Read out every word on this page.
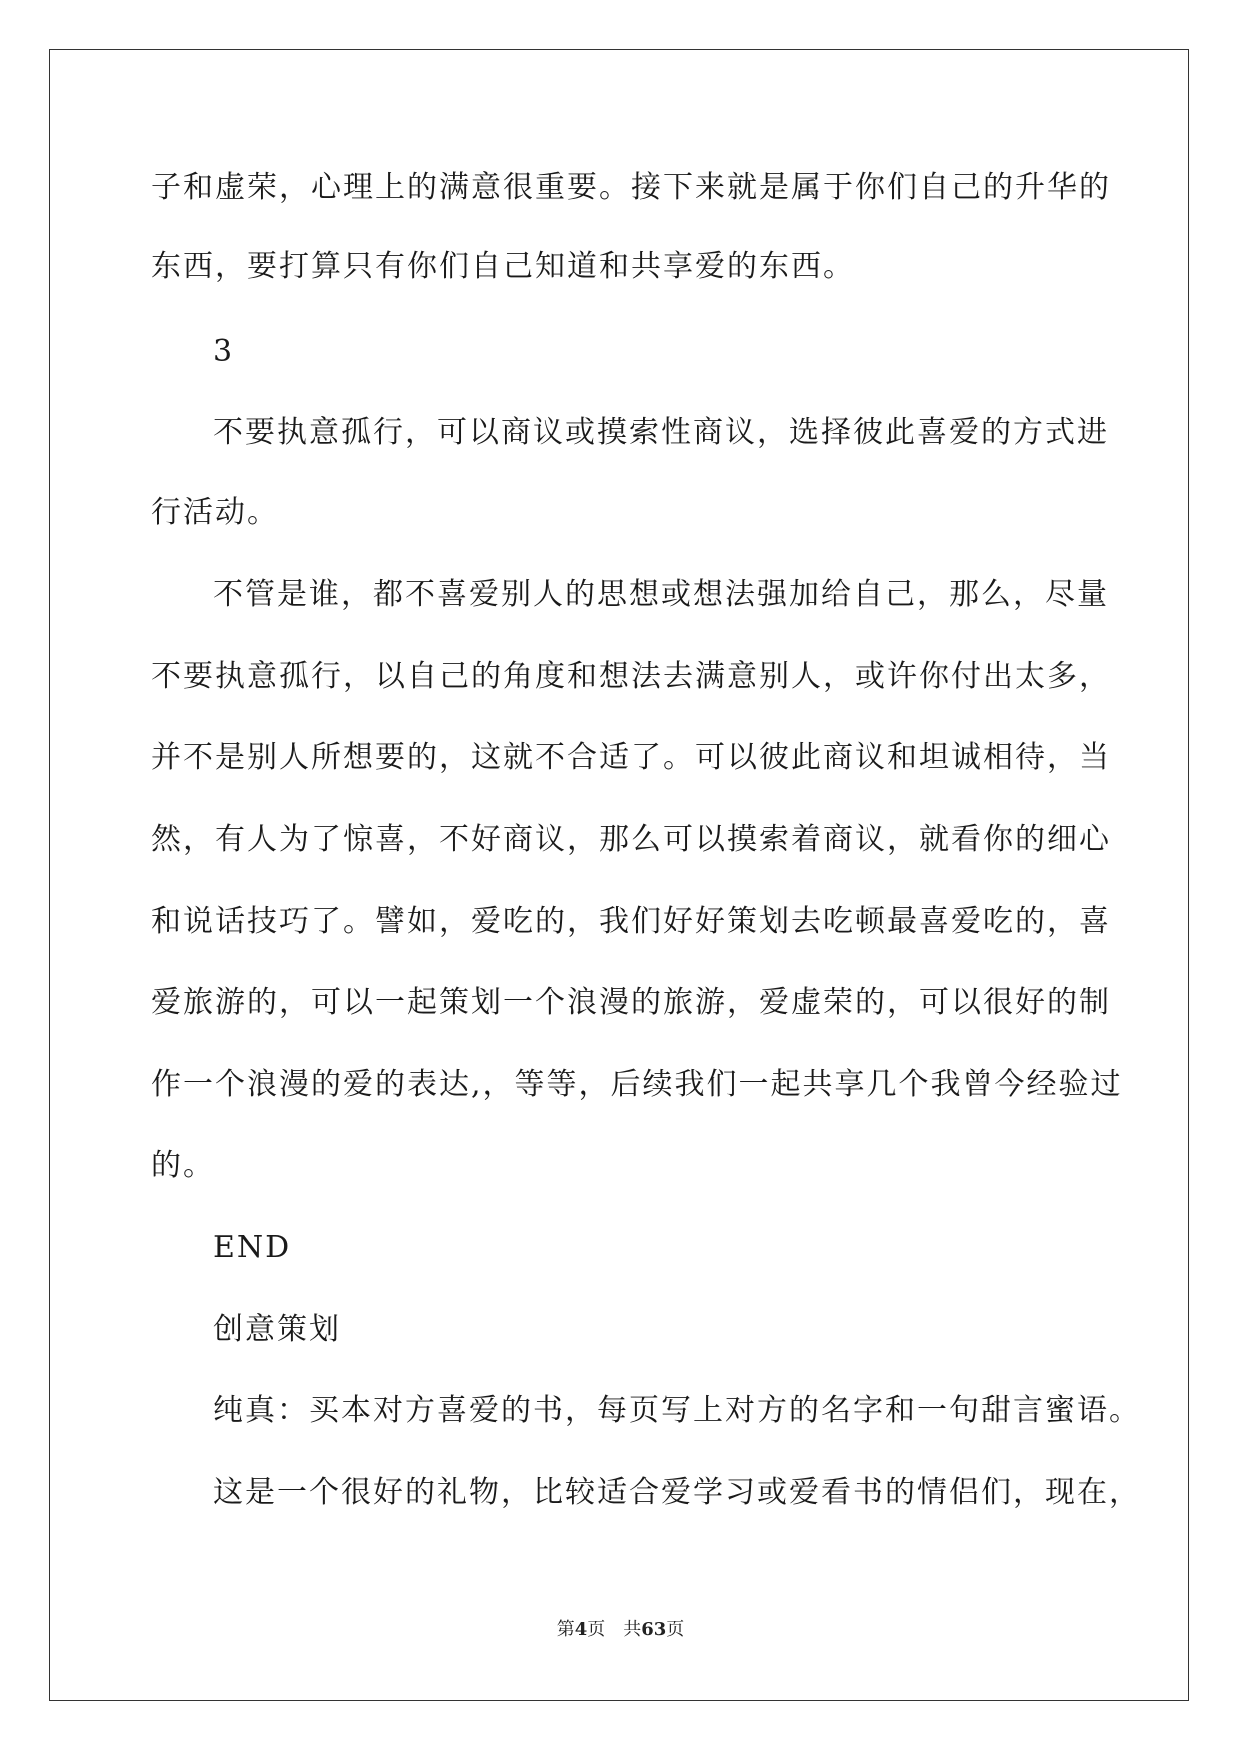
子和虚荣，心理上的满意很重要。接下来就是属于你们自己的升华的
东西，要打算只有你们自己知道和共享爱的东西。
3
不要执意孤行，可以商议或摸索性商议，选择彼此喜爱的方式进
行活动。
不管是谁，都不喜爱别人的思想或想法强加给自己，那么，尽量
不要执意孤行，以自己的角度和想法去满意别人，或许你付出太多，
并不是别人所想要的，这就不合适了。可以彼此商议和坦诚相待，当
然，有人为了惊喜，不好商议，那么可以摸索着商议，就看你的细心
和说话技巧了。譬如，爱吃的，我们好好策划去吃顿最喜爱吃的，喜
爱旅游的，可以一起策划一个浪漫的旅游，爱虚荣的，可以很好的制
作一个浪漫的爱的表达,，等等，后续我们一起共享几个我曾今经验过
的。
END
创意策划
纯真：买本对方喜爱的书，每页写上对方的名字和一句甜言蜜语。
这是一个很好的礼物，比较适合爱学习或爱看书的情侣们，现在，
第4页 共63页
